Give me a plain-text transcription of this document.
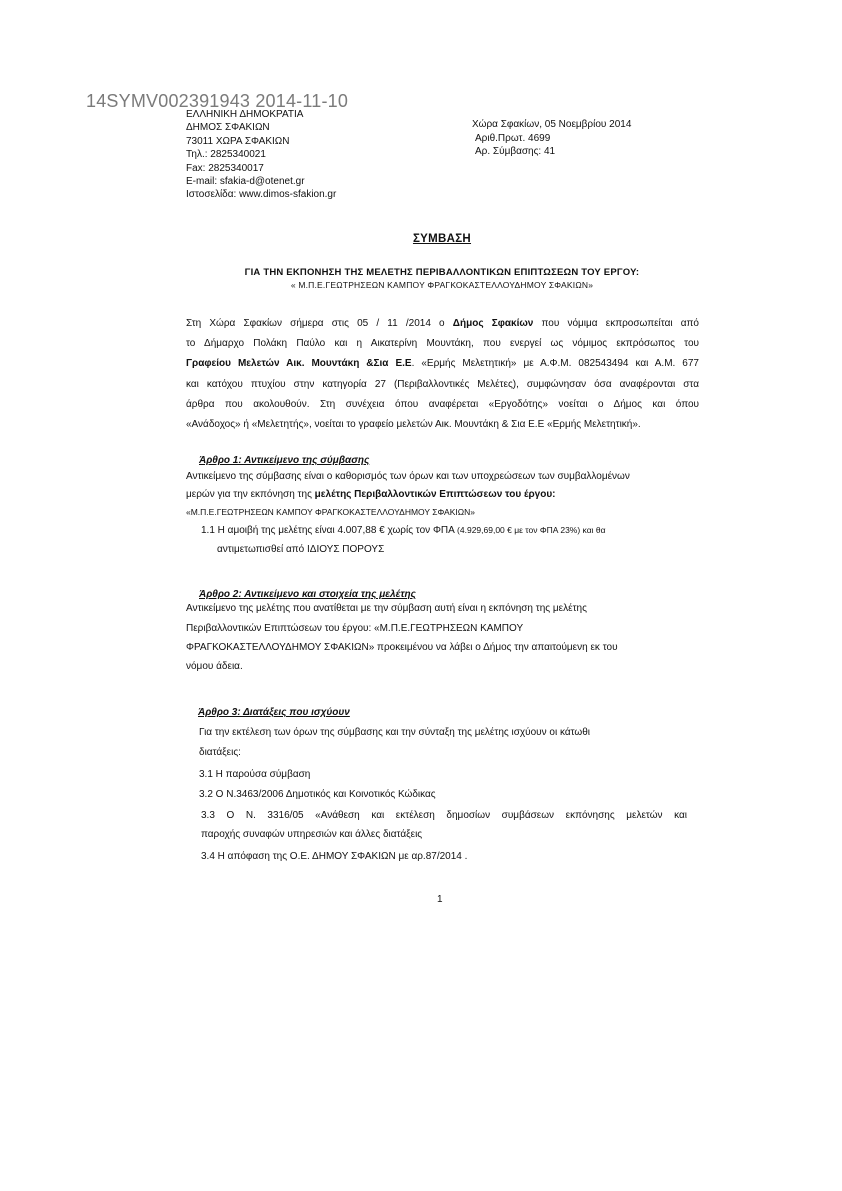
14SYMV002391943 2014-11-10
ΕΛΛΗΝΙΚΗ ΔΗΜΟΚΡΑΤΙΑ
ΔΗΜΟΣ ΣΦΑΚΙΩΝ
73011 ΧΩΡΑ ΣΦΑΚΙΩΝ
Τηλ.: 2825340021
Fax: 2825340017
E-mail: sfakia-d@otenet.gr
Ιστοσελίδα: www.dimos-sfakion.gr
Χώρα Σφακίων, 05 Νοεμβρίου 2014
Αριθ.Πρωτ. 4699
Αρ. Σύμβασης: 41
ΣΥΜΒΑΣΗ
ΓΙΑ ΤΗΝ ΕΚΠΟΝΗΣΗ ΤΗΣ ΜΕΛΕΤΗΣ ΠΕΡΙΒΑΛΛΟΝΤΙΚΩΝ ΕΠΙΠΤΩΣΕΩΝ ΤΟΥ ΕΡΓΟΥ:
« Μ.Π.Ε.ΓΕΩΤΡΗΣΕΩΝ ΚΑΜΠΟΥ ΦΡΑΓΚΟΚΑΣΤΕΛΛΟΥΔΗΜΟΥ ΣΦΑΚΙΩΝ»
Στη Χώρα Σφακίων σήμερα στις 05 / 11 /2014 ο Δήμος Σφακίων που νόμιμα εκπροσωπείται από
το Δήμαρχο Πολάκη Παύλο και η Αικατερίνη Μουντάκη, που ενεργεί ως νόμιμος εκπρόσωπος του
Γραφείου Μελετών Αικ. Μουντάκη &Σια Ε.Ε. «Ερμής Μελετητική» με Α.Φ.Μ. 082543494 και Α.Μ. 677
και κατόχου πτυχίου στην κατηγορία 27 (Περιβαλλοντικές Μελέτες), συμφώνησαν όσα αναφέρονται στα
άρθρα που ακολουθούν. Στη συνέχεια όπου αναφέρεται «Εργοδότης» νοείται ο Δήμος και όπου
«Ανάδοχος» ή «Μελετητής», νοείται το γραφείο μελετών Αικ. Μουντάκη & Σια Ε.Ε «Ερμής Μελετητική».
Άρθρο 1: Αντικείμενο της σύμβασης
Αντικείμενο της σύμβασης είναι ο καθορισμός των όρων και των υποχρεώσεων των συμβαλλομένων
μερών για την εκπόνηση της μελέτης Περιβαλλοντικών Επιπτώσεων του έργου:
«Μ.Π.Ε.ΓΕΩΤΡΗΣΕΩΝ ΚΑΜΠΟΥ ΦΡΑΓΚΟΚΑΣΤΕΛΛΟΥΔΗΜΟΥ ΣΦΑΚΙΩΝ»
1.1 Η αμοιβή της μελέτης είναι 4.007,88 € χωρίς τον ΦΠΑ (4.929,69,00 € με τον ΦΠΑ 23%) και θα
αντιμετωπισθεί από ΙΔΙΟΥΣ ΠΟΡΟΥΣ
Άρθρο 2: Αντικείμενο και στοιχεία της μελέτης
Αντικείμενο της μελέτης που ανατίθεται με την σύμβαση αυτή είναι η εκπόνηση της μελέτης
Περιβαλλοντικών Επιπτώσεων του έργου: «Μ.Π.Ε.ΓΕΩΤΡΗΣΕΩΝ ΚΑΜΠΟΥ
ΦΡΑΓΚΟΚΑΣΤΕΛΛΟΥΔΗΜΟΥ ΣΦΑΚΙΩΝ» προκειμένου να λάβει ο Δήμος την απαιτούμενη εκ του
νόμου άδεια.
Άρθρο 3: Διατάξεις που ισχύουν
Για την εκτέλεση των όρων της σύμβασης και την σύνταξη της μελέτης ισχύουν οι κάτωθι
διατάξεις:
3.1 Η παρούσα σύμβαση
3.2 Ο Ν.3463/2006 Δημοτικός και Κοινοτικός Κώδικας
3.3 Ο Ν. 3316/05 «Ανάθεση και εκτέλεση δημοσίων συμβάσεων εκπόνησης μελετών και
παροχής συναφών υπηρεσιών και άλλες διατάξεις
3.4 Η απόφαση της Ο.Ε. ΔΗΜΟΥ ΣΦΑΚΙΩΝ με αρ.87/2014 .
1
